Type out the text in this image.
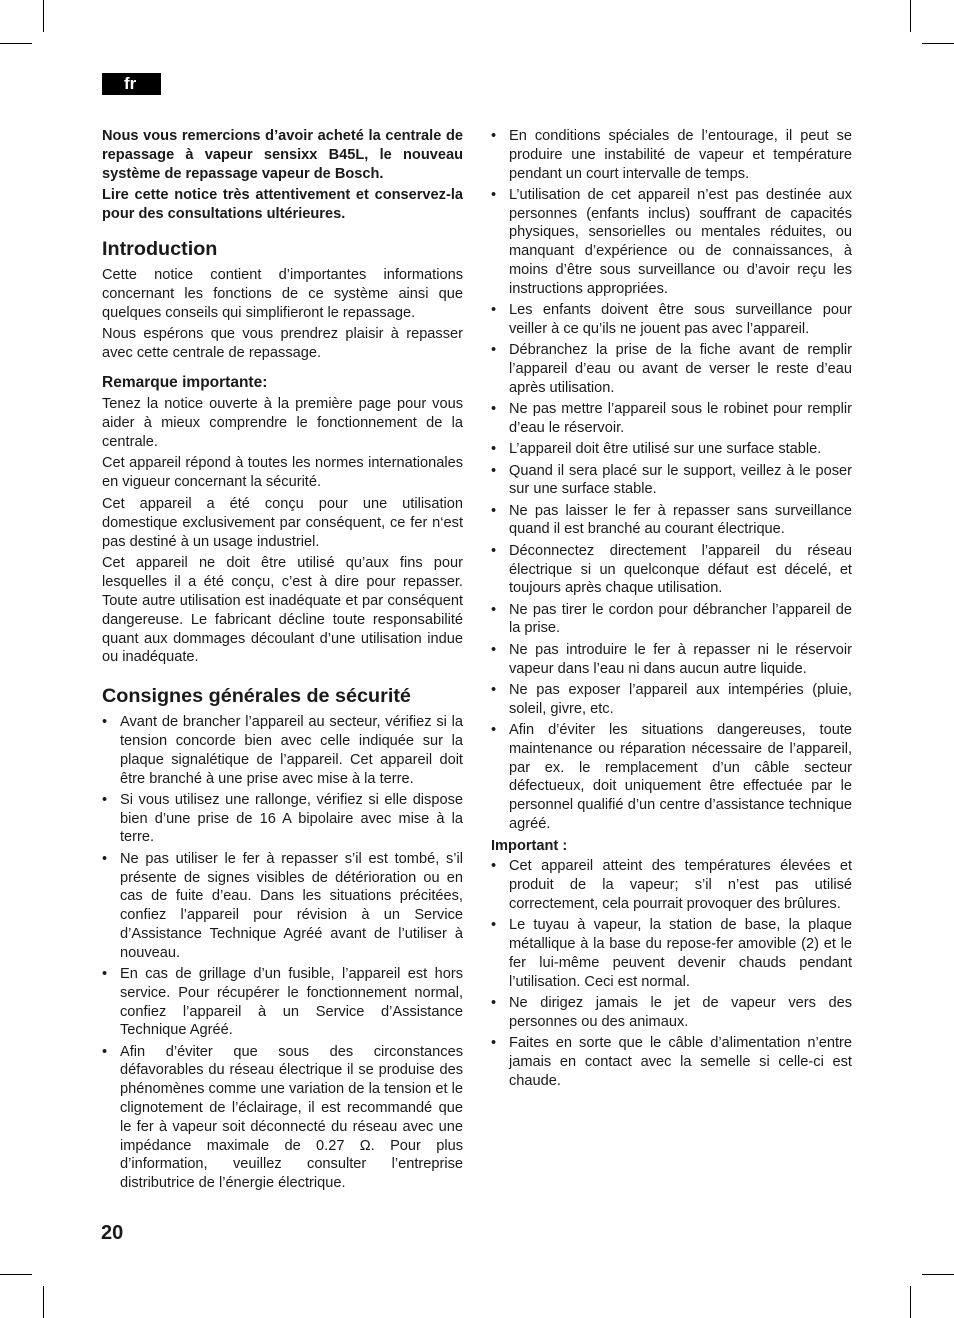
fr

Nous vous remercions d’avoir acheté la centrale de repassage à vapeur sensixx B45L, le nouveau système de repassage vapeur de Bosch.

Lire cette notice très attentivement et conservez-la pour des consultations ultérieures.

Introduction

Cette notice contient d’importantes informations concernant les fonctions de ce système ainsi que quelques conseils qui simplifieront le repassage.

Nous espérons que vous prendrez plaisir à repasser avec cette centrale de repassage.

Remarque importante:

Tenez la notice ouverte à la première page pour vous aider à mieux comprendre le fonctionnement de la centrale.

Cet appareil répond à toutes les normes internationales en vigueur concernant la sécurité.

Cet appareil a été conçu pour une utilisation domestique exclusivement par conséquent, ce fer n‘est pas destiné à un usage industriel.

Cet appareil ne doit être utilisé qu’aux fins pour lesquelles il a été conçu, c’est à dire pour repasser. Toute autre utilisation est inadéquate et par conséquent dangereuse. Le fabricant décline toute responsabilité quant aux dommages découlant d’une utilisation indue ou inadéquate.

Consignes générales de sécurité
• Avant de brancher l’appareil au secteur, vérifiez si la tension concorde bien avec celle indiquée sur la plaque signalétique de l’appareil. Cet appareil doit être branché à une prise avec mise à la terre.
• Si vous utilisez une rallonge, vérifiez si elle dispose bien d’une prise de 16 A bipolaire avec mise à la terre.
• Ne pas utiliser le fer à repasser s’il est tombé, s’il présente de signes visibles de détérioration ou en cas de fuite d’eau. Dans les situations précitées, confiez l’appareil pour révision à un Service d’Assistance Technique Agréé avant de l’utiliser à nouveau.
• En cas de grillage d’un fusible, l’appareil est hors service. Pour récupérer le fonctionnement normal, confiez l’appareil à un Service d’Assistance Technique Agréé.
• Afin d’éviter que sous des circonstances défavorables du réseau électrique il se produise des phénomènes comme une variation de la tension et le clignotement de l’éclairage, il est recommandé que le fer à vapeur soit déconnecté du réseau avec une impédance maximale de 0.27 Ω. Pour plus d’information, veuillez consulter l’entreprise distributrice de l’énergie électrique.
• En conditions spéciales de l’entourage, il peut se produire une instabilité de vapeur et température pendant un court intervalle de temps.
• L’utilisation de cet appareil n’est pas destinée aux personnes (enfants inclus) souffrant de capacités physiques, sensorielles ou mentales réduites, ou manquant d’expérience ou de connaissances, à moins d’être sous surveillance ou d’avoir reçu les instructions appropriées.
• Les enfants doivent être sous surveillance pour veiller à ce qu’ils ne jouent pas avec l’appareil.
• Débranchez la prise de la fiche avant de remplir l’appareil d’eau ou avant de verser le reste d’eau après utilisation.
• Ne pas mettre l’appareil sous le robinet pour remplir d’eau le réservoir.
• L’appareil doit être utilisé sur une surface stable.
• Quand il sera placé sur le support, veillez à le poser sur une surface stable.
• Ne pas laisser le fer à repasser sans surveillance quand il est branché au courant électrique.
• Déconnectez directement l’appareil du réseau électrique si un quelconque défaut est décelé, et toujours après chaque utilisation.
• Ne pas tirer le cordon pour débrancher l’appareil de la prise.
• Ne pas introduire le fer à repasser ni le réservoir vapeur dans l’eau ni dans aucun autre liquide.
• Ne pas exposer l’appareil aux intempéries (pluie, soleil, givre, etc.
• Afin d’éviter les situations dangereuses, toute maintenance ou réparation nécessaire de l’appareil, par ex. le remplacement d’un câble secteur défectueux, doit uniquement être effectuée par le personnel qualifié d’un centre d’assistance technique agréé.
Important :
• Cet appareil atteint des températures élevées et produit de la vapeur; s’il n’est pas utilisé correctement, cela pourrait provoquer des brûlures.
• Le tuyau à vapeur, la station de base, la plaque métallique à la base du repose-fer amovible (2) et le fer lui-même peuvent devenir chauds pendant l’utilisation. Ceci est normal.
• Ne dirigez jamais le jet de vapeur vers des personnes ou des animaux.
• Faites en sorte que le câble d’alimentation n’entre jamais en contact avec la semelle si celle-ci est chaude.
20
